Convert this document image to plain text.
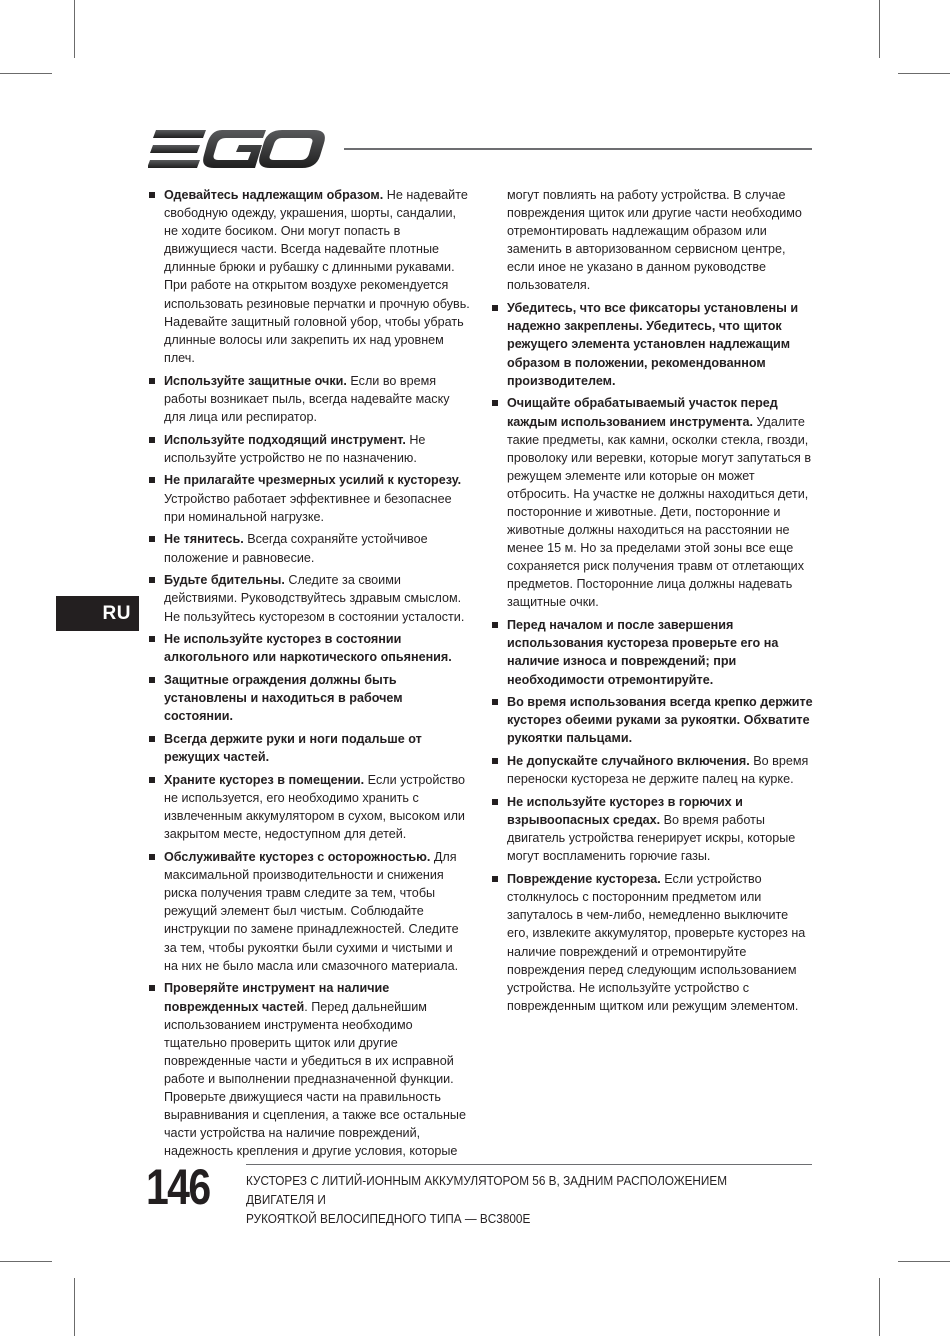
RU
Одевайтесь надлежащим образом. Не надевайте свободную одежду, украшения, шорты, сандалии, не ходите босиком. Они могут попасть в движущиеся части. Всегда надевайте плотные длинные брюки и рубашку с длинными рукавами. При работе на открытом воздухе рекомендуется использовать резиновые перчатки и прочную обувь. Надевайте защитный головной убор, чтобы убрать длинные волосы или закрепить их над уровнем плеч.
Используйте защитные очки. Если во время работы возникает пыль, всегда надевайте маску для лица или респиратор.
Используйте подходящий инструмент. Не используйте устройство не по назначению.
Не прилагайте чрезмерных усилий к кусторезу. Устройство работает эффективнее и безопаснее при номинальной нагрузке.
Не тянитесь. Всегда сохраняйте устойчивое положение и равновесие.
Будьте бдительны. Следите за своими действиями. Руководствуйтесь здравым смыслом. Не пользуйтесь кусторезом в состоянии усталости.
Не используйте кусторез в состоянии алкогольного или наркотического опьянения.
Защитные ограждения должны быть установлены и находиться в рабочем состоянии.
Всегда держите руки и ноги подальше от режущих частей.
Храните кусторез в помещении. Если устройство не используется, его необходимо хранить с извлеченным аккумулятором в сухом, высоком или закрытом месте, недоступном для детей.
Обслуживайте кусторез с осторожностью. Для максимальной производительности и снижения риска получения травм следите за тем, чтобы режущий элемент был чистым. Соблюдайте инструкции по замене принадлежностей. Следите за тем, чтобы рукоятки были сухими и чистыми и на них не было масла или смазочного материала.
Проверяйте инструмент на наличие поврежденных частей. Перед дальнейшим использованием инструмента необходимо тщательно проверить щиток или другие поврежденные части и убедиться в их исправной работе и выполнении предназначенной функции. Проверьте движущиеся части на правильность выравнивания и сцепления, а также все остальные части устройства на наличие повреждений, надежность крепления и другие условия, которые
могут повлиять на работу устройства. В случае повреждения щиток или другие части необходимо отремонтировать надлежащим образом или заменить в авторизованном сервисном центре, если иное не указано в данном руководстве пользователя.
Убедитесь, что все фиксаторы установлены и надежно закреплены. Убедитесь, что щиток режущего элемента установлен надлежащим образом в положении, рекомендованном производителем.
Очищайте обрабатываемый участок перед каждым использованием инструмента. Удалите такие предметы, как камни, осколки стекла, гвозди, проволоку или веревки, которые могут запутаться в режущем элементе или которые он может отбросить. На участке не должны находиться дети, посторонние и животные. Дети, посторонние и животные должны находиться на расстоянии не менее 15 м. Но за пределами этой зоны все еще сохраняется риск получения травм от отлетающих предметов. Посторонние лица должны надевать защитные очки.
Перед началом и после завершения использования кустореза проверьте его на наличие износа и повреждений; при необходимости отремонтируйте.
Во время использования всегда крепко держите кусторез обеими руками за рукоятки. Обхватите рукоятки пальцами.
Не допускайте случайного включения. Во время переноски кустореза не держите палец на курке.
Не используйте кусторез в горючих и взрывоопасных средах. Во время работы двигатель устройства генерирует искры, которые могут воспламенить горючие газы.
Повреждение кустореза. Если устройство столкнулось с посторонним предметом или запуталось в чем-либо, немедленно выключите его, извлеките аккумулятор, проверьте кусторез на наличие повреждений и отремонтируйте повреждения перед следующим использованием устройства. Не используйте устройство с поврежденным щитком или режущим элементом.
146	КУСТОРЕЗ С ЛИТИЙ-ИОННЫМ АККУМУЛЯТОРОМ 56 В, ЗАДНИМ РАСПОЛОЖЕНИЕМ ДВИГАТЕЛЯ И
РУКОЯТКОЙ ВЕЛОСИПЕДНОГО ТИПА — BC3800E
